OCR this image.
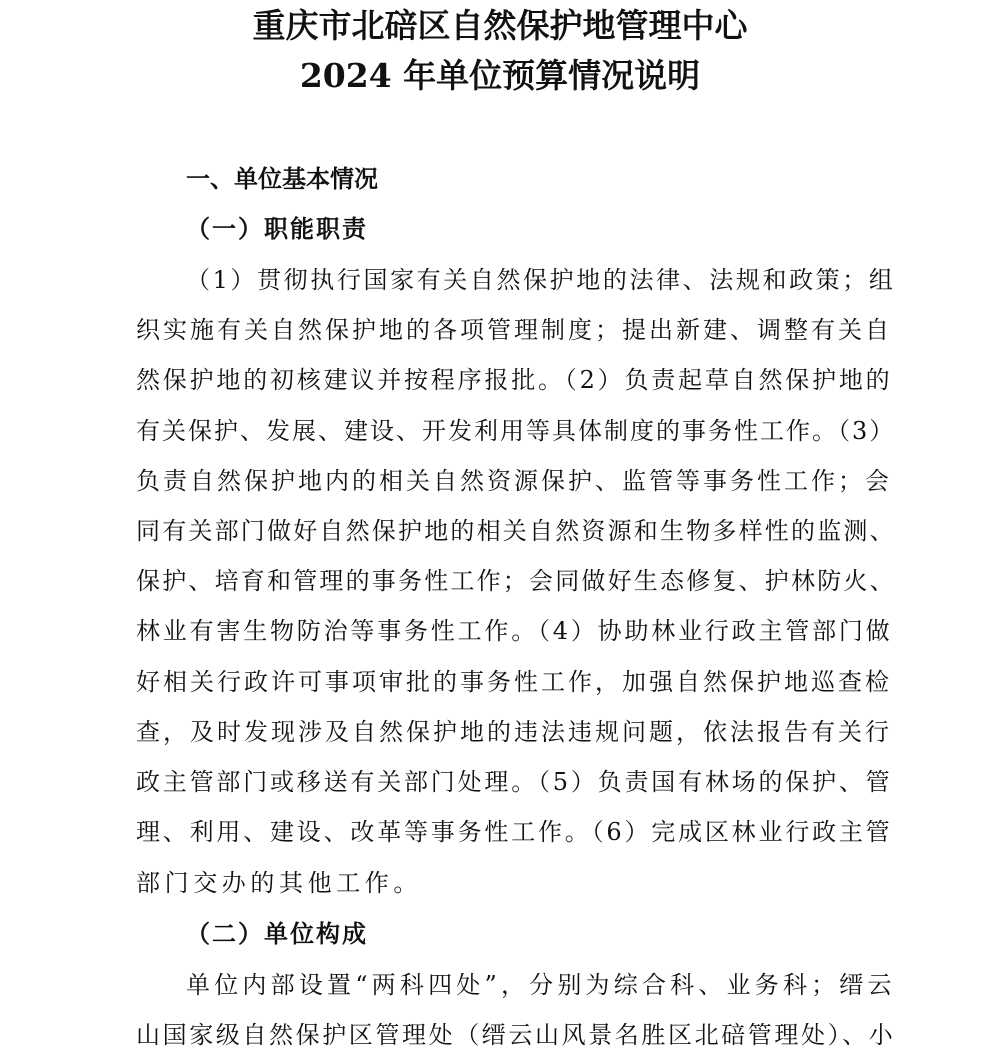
重庆市北碚区自然保护地管理中心
2024 年单位预算情况说明
一、单位基本情况
（一）职能职责
（1）贯彻执行国家有关自然保护地的法律、法规和政策；组
织实施有关自然保护地的各项管理制度；提出新建、调整有关自
然保护地的初核建议并按程序报批。（2）负责起草自然保护地的
有关保护、发展、建设、开发利用等具体制度的事务性工作。（3）
负责自然保护地内的相关自然资源保护、监管等事务性工作；会
同有关部门做好自然保护地的相关自然资源和生物多样性的监测、
保护、培育和管理的事务性工作；会同做好生态修复、护林防火、
林业有害生物防治等事务性工作。（4）协助林业行政主管部门做
好相关行政许可事项审批的事务性工作，加强自然保护地巡查检
查，及时发现涉及自然保护地的违法违规问题，依法报告有关行
政主管部门或移送有关部门处理。（5）负责国有林场的保护、管
理、利用、建设、改革等事务性工作。（6）完成区林业行政主管
部门交办的其他工作。
（二）单位构成
单位内部设置“两科四处”，分别为综合科、业务科；缙云
山国家级自然保护区管理处（缙云山风景名胜区北碚管理处）、小
